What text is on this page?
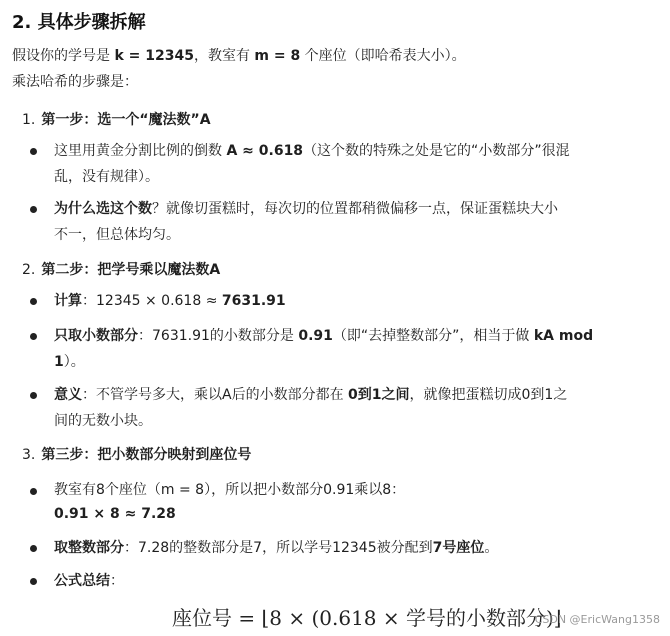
2. 具体步骤拆解
假设你的学号是 k = 12345，教室有 m = 8 个座位（即哈希表大小）。
乘法哈希的步骤是：
1. 第一步：选一个“魔法数”A
这里用黄金分割比例的倒数 A ≈ 0.618（这个数的特殊之处是它的“小数部分”很混
乱，没有规律）。
为什么选这个数？就像切蛋糕时，每次切的位置都稍微偏移一点，保证蛋糕块大小
不一，但总体均匀。
2. 第二步：把学号乘以魔法数A
计算：12345 × 0.618 ≈ 7631.91
只取小数部分：7631.91的小数部分是 0.91（即“去掉整数部分”，相当于做 kA mod
1）。
意义：不管学号多大，乘以A后的小数部分都在 0到1之间，就像把蛋糕切成0到1之
间的无数小块。
3. 第三步：把小数部分映射到座位号
教室有8个座位（m = 8），所以把小数部分0.91乘以8：
0.91 × 8 ≈ 7.28
取整数部分：7.28的整数部分是7，所以学号12345被分配到7号座位。
公式总结：
座位号 = ⌊8 × (0.618 × 学号的小数部分)⌋
CSDN @EricWang1358
